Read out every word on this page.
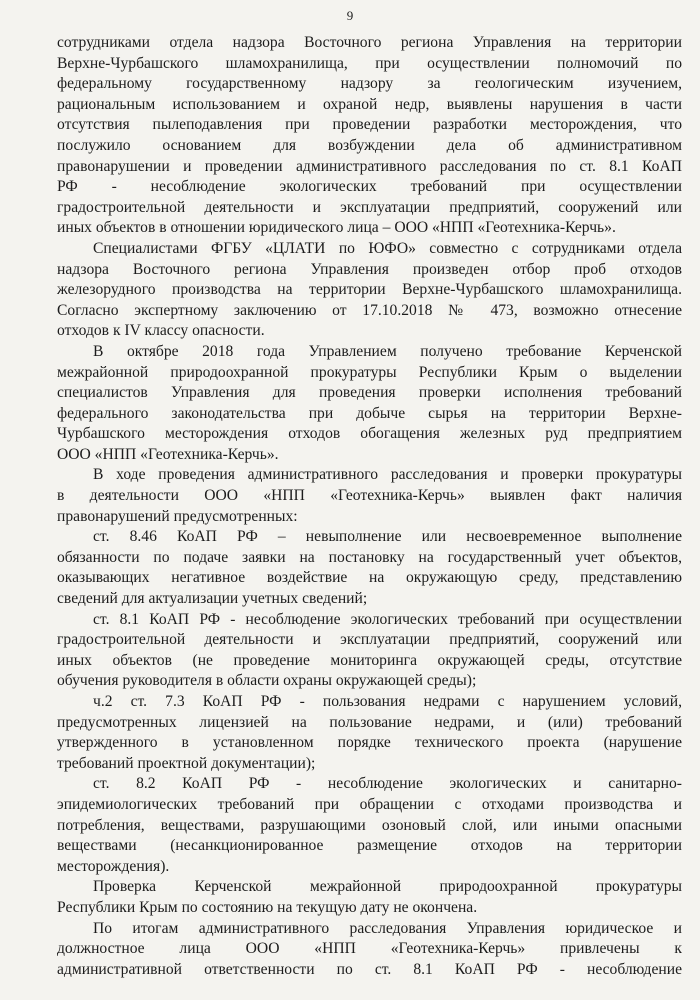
9
сотрудниками отдела надзора Восточного региона Управления на территории
Верхне-Чурбашского шламохранилища, при осуществлении полномочий по
федеральному государственному надзору за геологическим изучением,
рациональным использованием и охраной недр, выявлены нарушения в части
отсутствия пылеподавления при проведении разработки месторождения, что
послужило основанием для возбуждении дела об административном
правонарушении и проведении административного расследования по ст. 8.1 КоАП
РФ - несоблюдение экологических требований при осуществлении
градостроительной деятельности и эксплуатации предприятий, сооружений или
иных объектов в отношении юридического лица – ООО «НПП «Геотехника-Керчь».
Специалистами ФГБУ «ЦЛАТИ по ЮФО» совместно с сотрудниками отдела
надзора Восточного региона Управления произведен отбор проб отходов
железорудного производства на территории Верхне-Чурбашского шламохранилища.
Согласно экспертному заключению от 17.10.2018 № 473, возможно отнесение
отходов к IV классу опасности.
В октябре 2018 года Управлением получено требование Керченской
межрайонной природоохранной прокуратуры Республики Крым о выделении
специалистов Управления для проведения проверки исполнения требований
федерального законодательства при добыче сырья на территории Верхне-
Чурбашского месторождения отходов обогащения железных руд предприятием
ООО «НПП «Геотехника-Керчь».
В ходе проведения административного расследования и проверки прокуратуры
в деятельности ООО «НПП «Геотехника-Керчь» выявлен факт наличия
правонарушений предусмотренных:
ст. 8.46 КоАП РФ – невыполнение или несвоевременное выполнение
обязанности по подаче заявки на постановку на государственный учет объектов,
оказывающих негативное воздействие на окружающую среду, представлению
сведений для актуализации учетных сведений;
ст. 8.1 КоАП РФ - несоблюдение экологических требований при осуществлении
градостроительной деятельности и эксплуатации предприятий, сооружений или
иных объектов (не проведение мониторинга окружающей среды, отсутствие
обучения руководителя в области охраны окружающей среды);
ч.2 ст. 7.3 КоАП РФ - пользования недрами с нарушением условий,
предусмотренных лицензией на пользование недрами, и (или) требований
утвержденного в установленном порядке технического проекта (нарушение
требований проектной документации);
ст. 8.2 КоАП РФ - несоблюдение экологических и санитарно-
эпидемиологических требований при обращении с отходами производства и
потребления, веществами, разрушающими озоновый слой, или иными опасными
веществами (несанкционированное размещение отходов на территории
месторождения).
Проверка Керченской межрайонной природоохранной прокуратуры
Республики Крым по состоянию на текущую дату не окончена.
По итогам административного расследования Управления юридическое и
должностное лица ООО «НПП «Геотехника-Керчь» привлечены к
административной ответственности по ст. 8.1 КоАП РФ - несоблюдение
